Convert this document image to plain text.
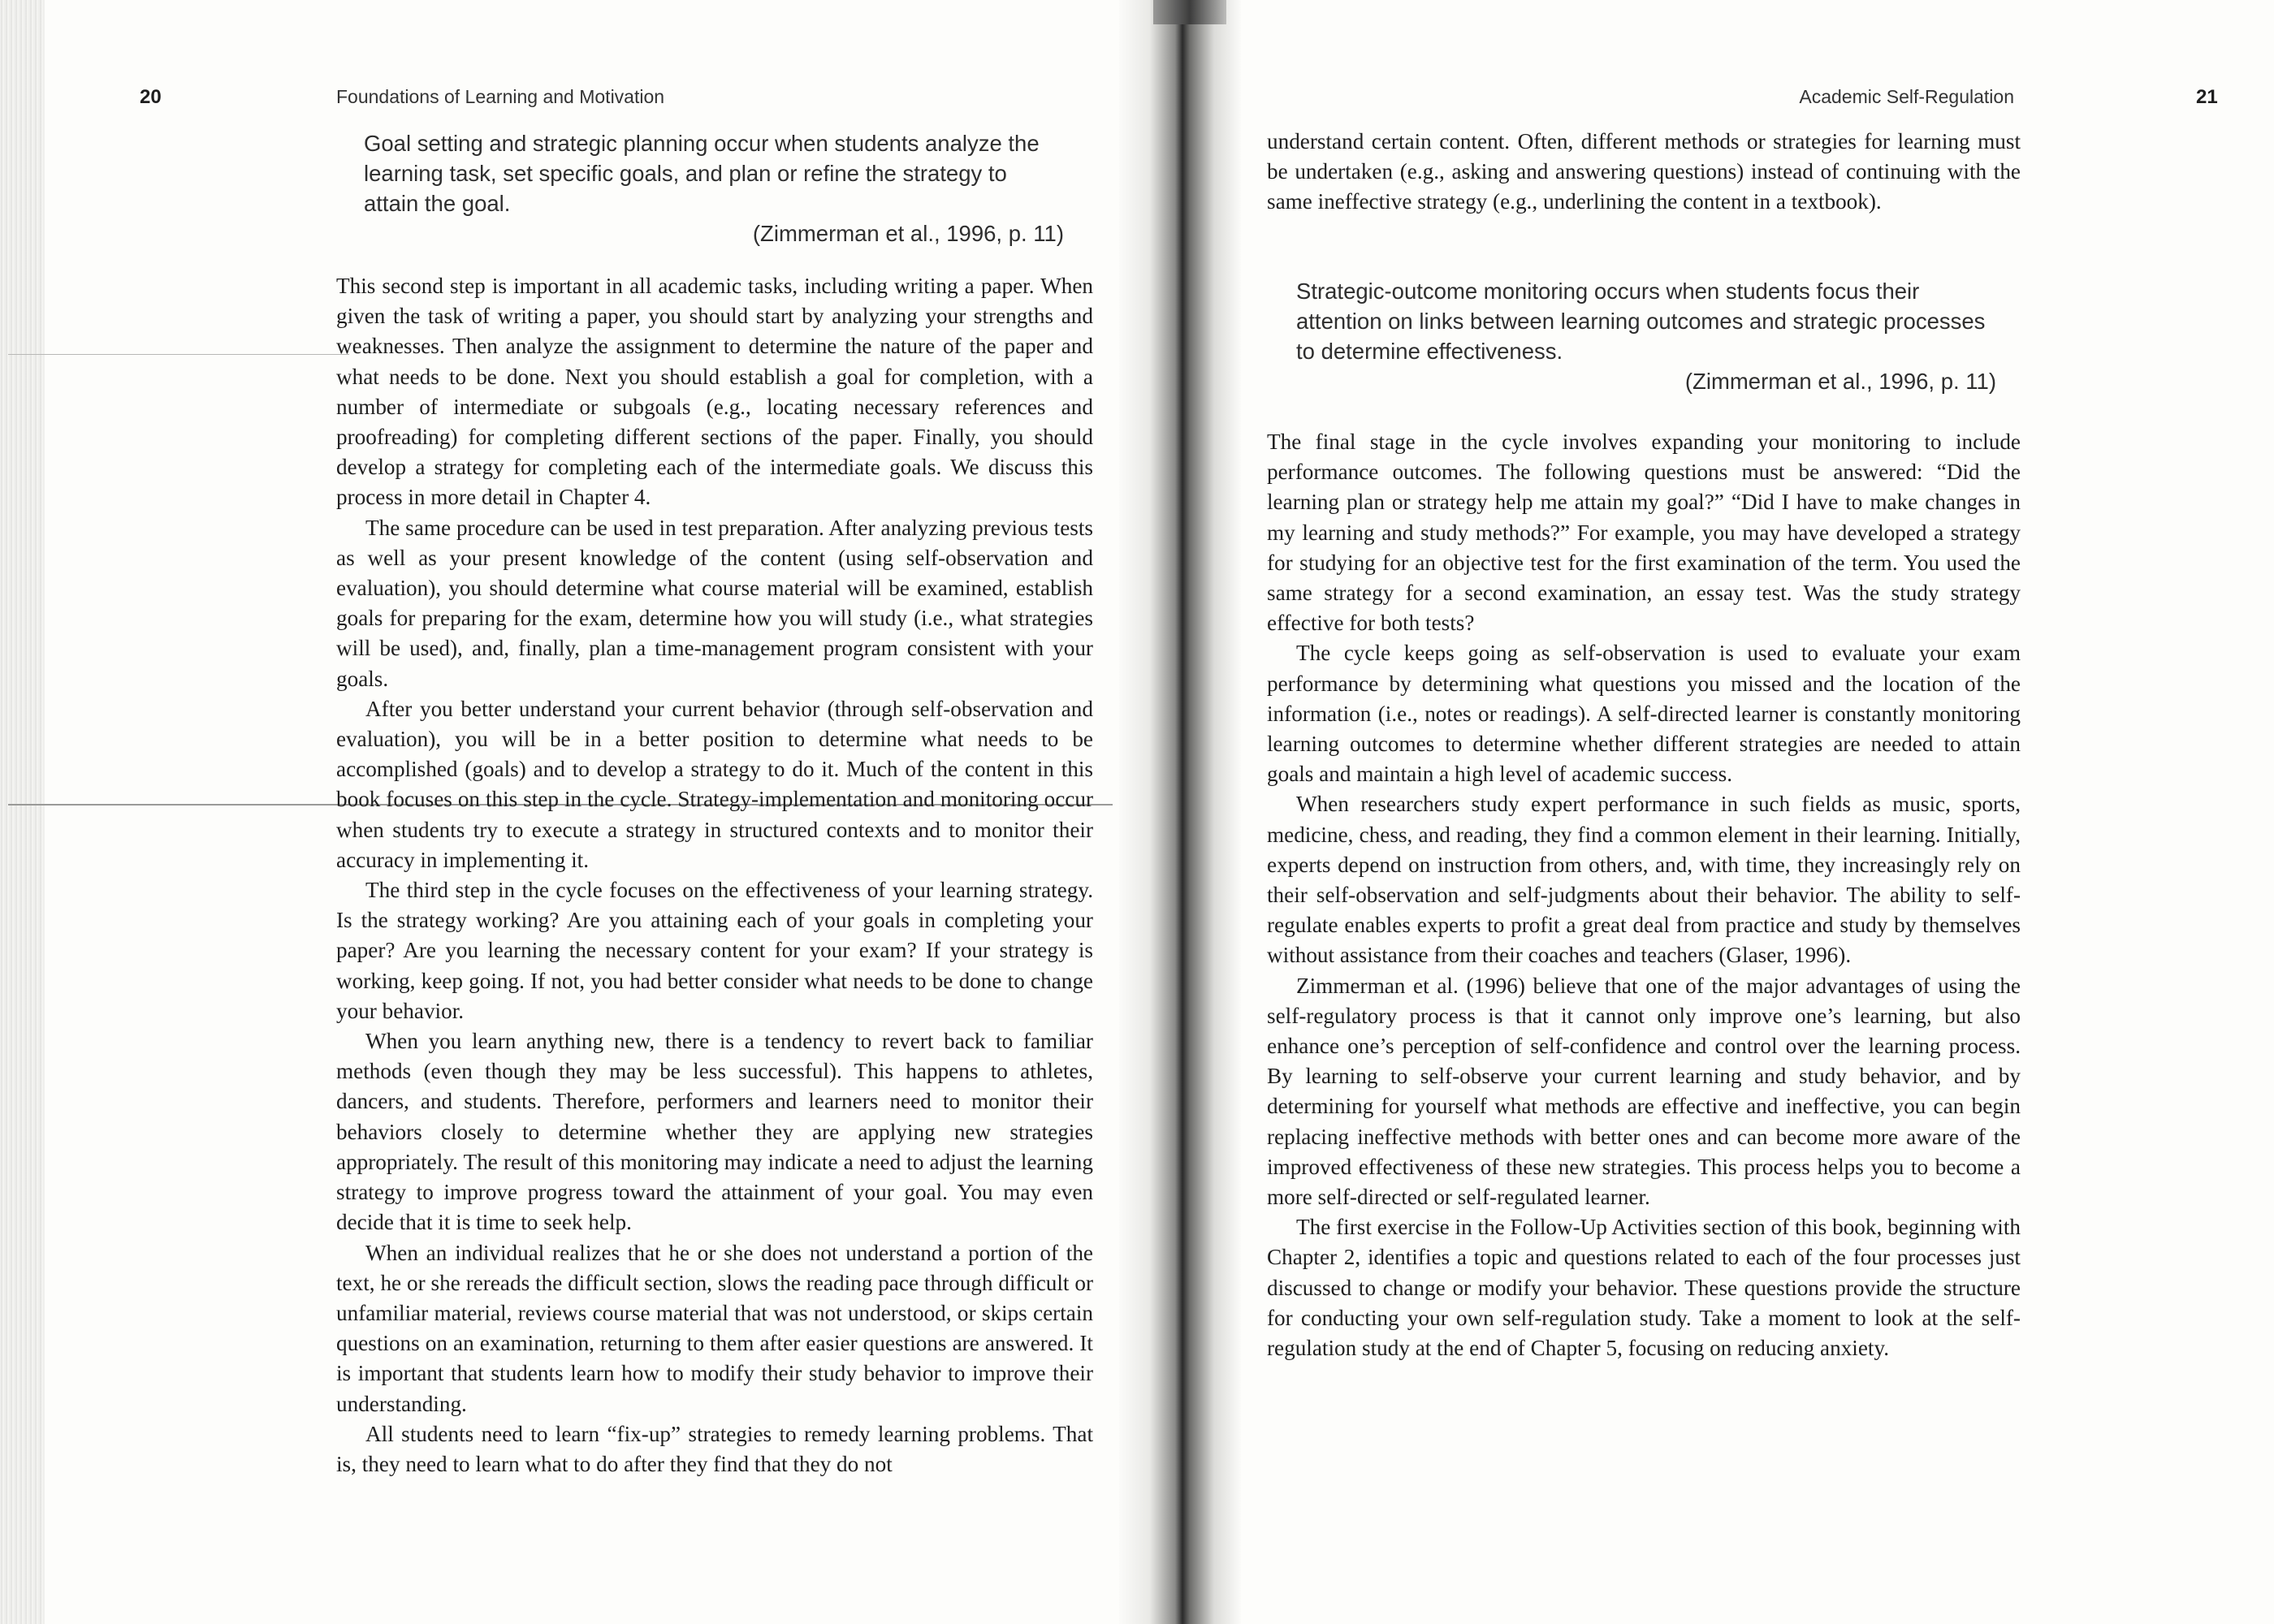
20	Foundations of Learning and Motivation
Goal setting and strategic planning occur when students analyze the learning task, set specific goals, and plan or refine the strategy to attain the goal.
(Zimmerman et al., 1996, p. 11)

This second step is important in all academic tasks, including writing a paper. When given the task of writing a paper, you should start by analyzing your strengths and weaknesses. Then analyze the assignment to determine the nature of the paper and what needs to be done. Next you should establish a goal for completion, with a number of intermediate or subgoals (e.g., locating necessary references and proofreading) for completing different sections of the paper. Finally, you should develop a strategy for completing each of the intermediate goals. We discuss this process in more detail in Chapter 4.

The same procedure can be used in test preparation. After analyzing previous tests as well as your present knowledge of the content (using self-observation and evaluation), you should determine what course material will be examined, establish goals for preparing for the exam, determine how you will study (i.e., what strategies will be used), and, finally, plan a time-management program consistent with your goals.

After you better understand your current behavior (through self-observation and evaluation), you will be in a better position to determine what needs to be accomplished (goals) and to develop a strategy to do it. Much of the content in this book focuses on this step in the cycle. Strategy-implementation and monitoring occur when students try to execute a strategy in structured contexts and to monitor their accuracy in implementing it.

The third step in the cycle focuses on the effectiveness of your learning strategy. Is the strategy working? Are you attaining each of your goals in completing your paper? Are you learning the necessary content for your exam? If your strategy is working, keep going. If not, you had better consider what needs to be done to change your behavior.

When you learn anything new, there is a tendency to revert back to familiar methods (even though they may be less successful). This happens to athletes, dancers, and students. Therefore, performers and learners need to monitor their behaviors closely to determine whether they are applying new strategies appropriately. The result of this monitoring may indicate a need to adjust the learning strategy to improve progress toward the attainment of your goal. You may even decide that it is time to seek help.

When an individual realizes that he or she does not understand a portion of the text, he or she rereads the difficult section, slows the reading pace through difficult or unfamiliar material, reviews course material that was not understood, or skips certain questions on an examination, returning to them after easier questions are answered. It is important that students learn how to modify their study behavior to improve their understanding.

All students need to learn “fix-up” strategies to remedy learning problems. That is, they need to learn what to do after they find that they do not

Academic Self-Regulation	21

understand certain content. Often, different methods or strategies for learning must be undertaken (e.g., asking and answering questions) instead of continuing with the same ineffective strategy (e.g., underlining the content in a textbook).

Strategic-outcome monitoring occurs when students focus their attention on links between learning outcomes and strategic processes to determine effectiveness.
(Zimmerman et al., 1996, p. 11)

The final stage in the cycle involves expanding your monitoring to include performance outcomes. The following questions must be answered: “Did the learning plan or strategy help me attain my goal?” “Did I have to make changes in my learning and study methods?” For example, you may have developed a strategy for studying for an objective test for the first examination of the term. You used the same strategy for a second examination, an essay test. Was the study strategy effective for both tests?

The cycle keeps going as self-observation is used to evaluate your exam performance by determining what questions you missed and the location of the information (i.e., notes or readings). A self-directed learner is constantly monitoring learning outcomes to determine whether different strategies are needed to attain goals and maintain a high level of academic success.

When researchers study expert performance in such fields as music, sports, medicine, chess, and reading, they find a common element in their learning. Initially, experts depend on instruction from others, and, with time, they increasingly rely on their self-observation and self-judgments about their behavior. The ability to self-regulate enables experts to profit a great deal from practice and study by themselves without assistance from their coaches and teachers (Glaser, 1996).

Zimmerman et al. (1996) believe that one of the major advantages of using the self-regulatory process is that it cannot only improve one’s learning, but also enhance one’s perception of self-confidence and control over the learning process. By learning to self-observe your current learning and study behavior, and by determining for yourself what methods are effective and ineffective, you can begin replacing ineffective methods with better ones and can become more aware of the improved effectiveness of these new strategies. This process helps you to become a more self-directed or self-regulated learner.

The first exercise in the Follow-Up Activities section of this book, beginning with Chapter 2, identifies a topic and questions related to each of the four processes just discussed to change or modify your behavior. These questions provide the structure for conducting your own self-regulation study. Take a moment to look at the self-regulation study at the end of Chapter 5, focusing on reducing anxiety.
